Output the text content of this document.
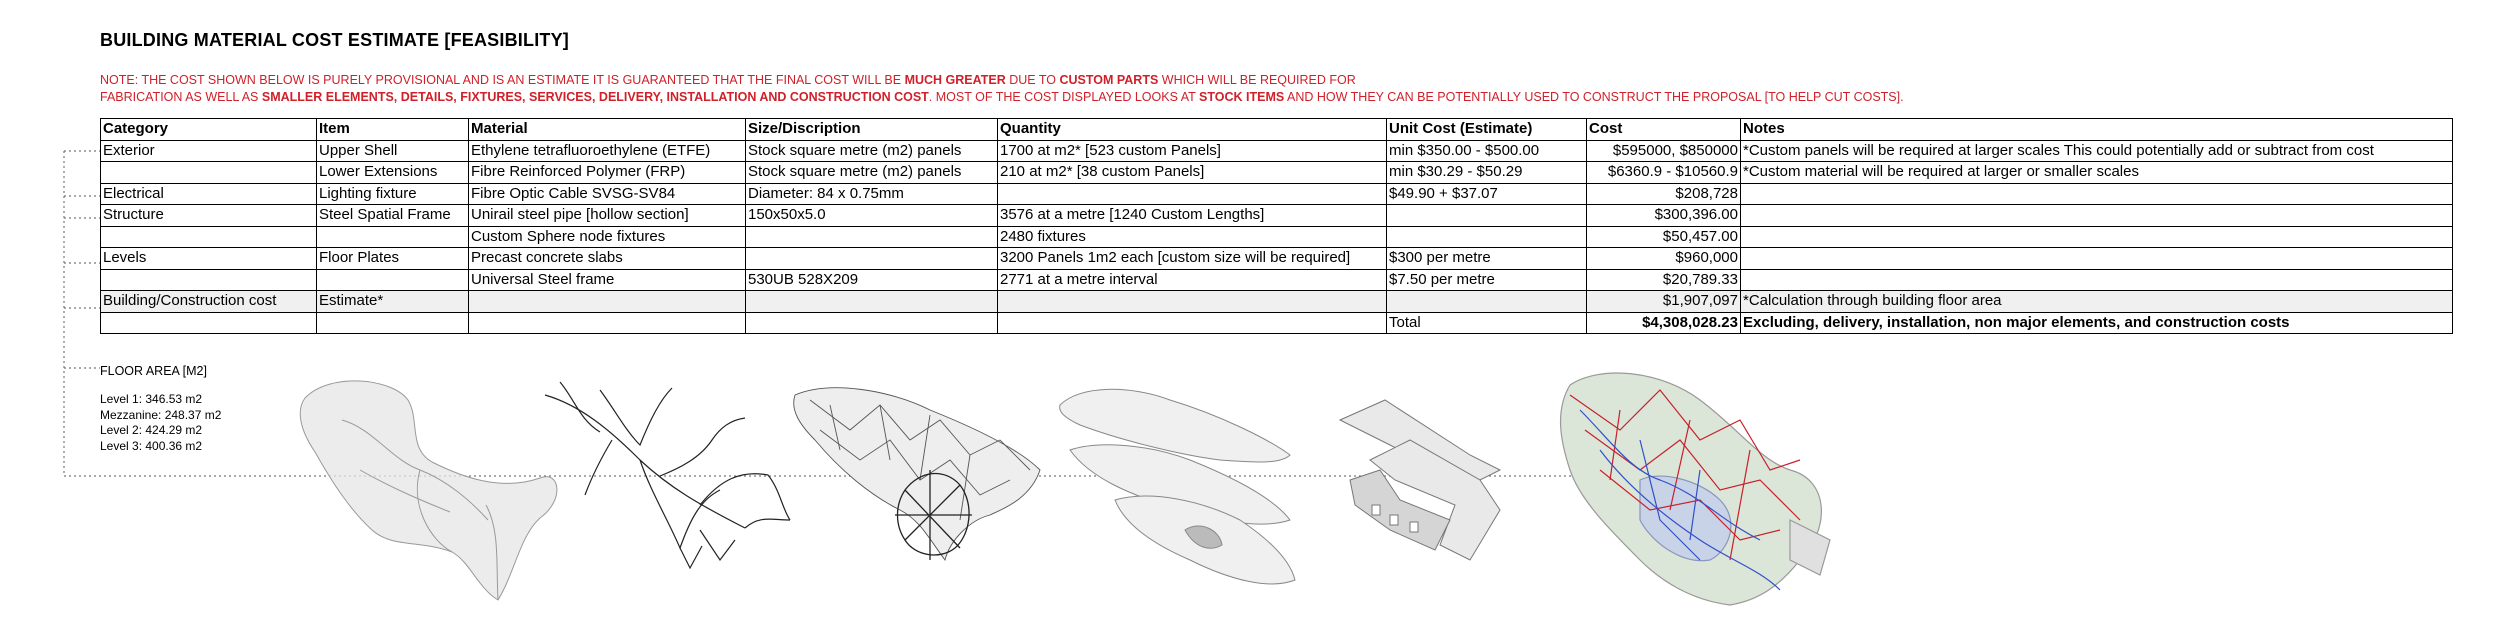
BUILDING MATERIAL COST ESTIMATE [FEASIBILITY]
NOTE: THE COST SHOWN BELOW IS PURELY PROVISIONAL AND IS AN ESTIMATE IT IS GUARANTEED THAT THE FINAL COST WILL BE MUCH GREATER DUE TO CUSTOM PARTS WHICH WILL BE REQUIRED FOR
FABRICATION AS WELL AS SMALLER ELEMENTS, DETAILS, FIXTURES, SERVICES, DELIVERY, INSTALLATION AND CONSTRUCTION COST. MOST OF THE COST DISPLAYED LOOKS AT STOCK ITEMS AND HOW THEY CAN BE POTENTIALLY USED TO CONSTRUCT THE PROPOSAL [TO HELP CUT COSTS].
Category	Item	Material	Size/Discription	Quantity	Unit Cost (Estimate)	Cost	Notes
Exterior	Upper Shell	Ethylene tetrafluoroethylene (ETFE)	Stock square metre (m2) panels	1700 at m2* [523 custom Panels]	min $350.00 - $500.00	$595000, $850000	*Custom panels will be required at larger scales This could potentially add or subtract from cost
	Lower Extensions	Fibre Reinforced Polymer (FRP)	Stock square metre (m2) panels	210 at m2* [38 custom Panels]	min $30.29 - $50.29	$6360.9 - $10560.9	*Custom material will be required at larger or smaller scales
Electrical	Lighting fixture	Fibre Optic Cable SVSG-SV84	Diameter: 84 x 0.75mm		$49.90 + $37.07	$208,728	
Structure	Steel Spatial Frame	Unirail steel pipe [hollow section]	150x50x5.0	3576 at a metre [1240 Custom Lengths]		$300,396.00	
		Custom Sphere node fixtures		2480 fixtures		$50,457.00	
Levels	Floor Plates	Precast concrete slabs		3200 Panels 1m2 each [custom size will be required]	$300 per metre	$960,000	
		Universal Steel frame	530UB 528X209	2771 at a metre interval	$7.50 per metre	$20,789.33	
Building/Construction cost	Estimate*					$1,907,097	*Calculation through building floor area
					Total	$4,308,028.23	Excluding, delivery, installation, non major elements, and construction costs
FLOOR AREA [M2]
Level 1: 346.53 m2
Mezzanine: 248.37 m2
Level 2: 424.29 m2
Level 3: 400.36 m2
